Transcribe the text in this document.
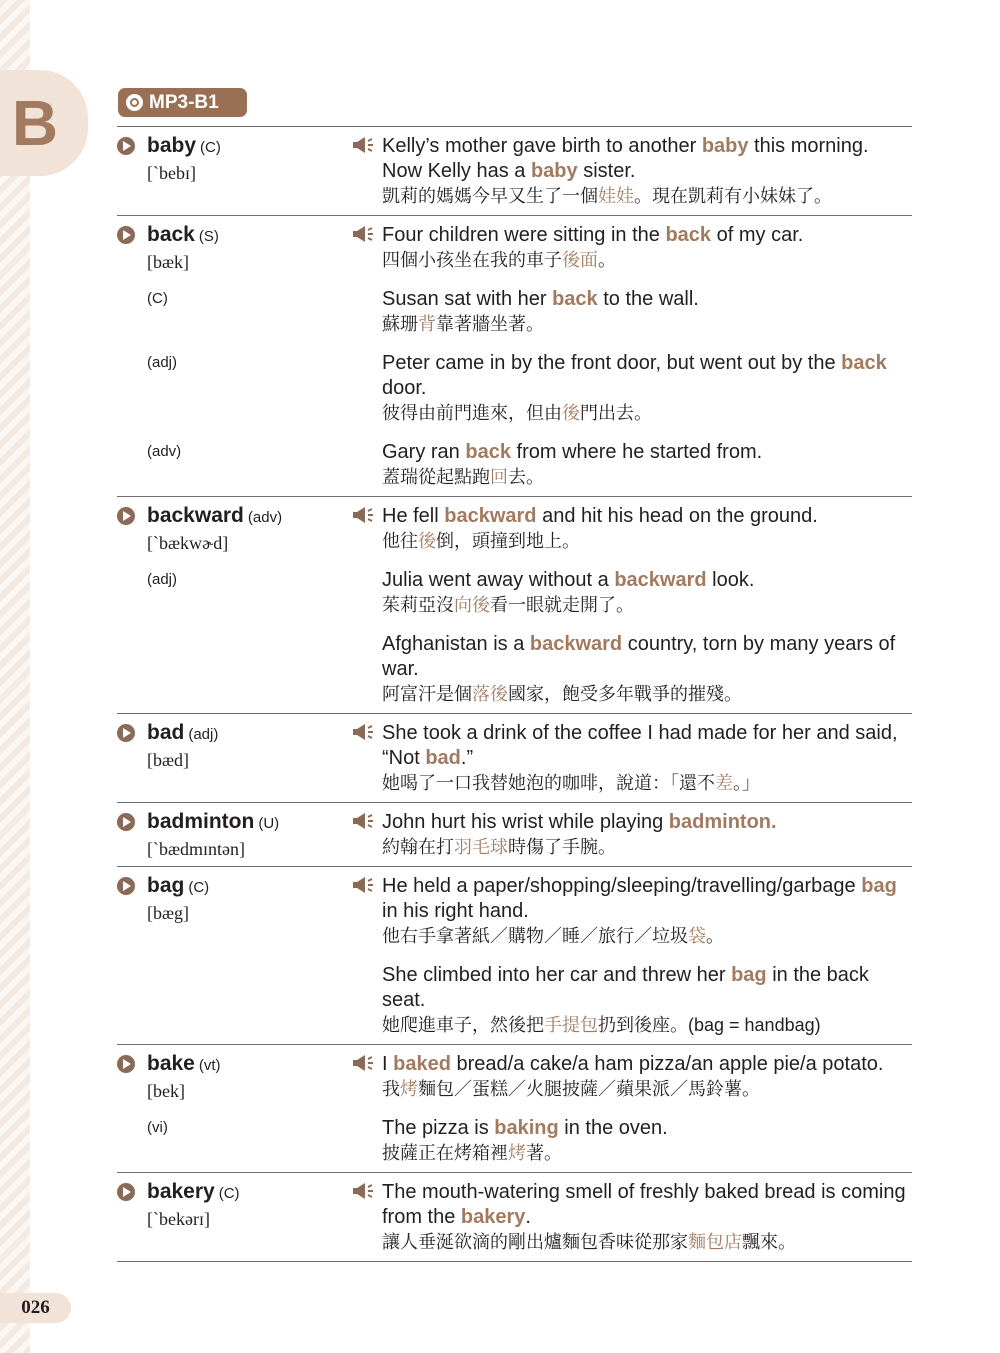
B	MP3-B1
baby (C)
[ˋbebɪ]
Kelly’s mother gave birth to another baby this morning. Now Kelly has a baby sister.
凱莉的媽媽今早又生了一個娃娃。現在凱莉有小妹妹了。
back (S)
[bæk]
Four children were sitting in the back of my car.
四個小孩坐在我的車子後面。
(C)	Susan sat with her back to the wall.
蘇珊背靠著牆坐著。
(adj)	Peter came in by the front door, but went out by the back door.
彼得由前門進來，但由後門出去。
(adv)	Gary ran back from where he started from.
蓋瑞從起點跑回去。
backward (adv)
[ˋbækwɚd]
He fell backward and hit his head on the ground.
他往後倒，頭撞到地上。
(adj)	Julia went away without a backward look.
茱莉亞沒向後看一眼就走開了。
Afghanistan is a backward country, torn by many years of war.
阿富汗是個落後國家，飽受多年戰爭的摧殘。
bad (adj)
[bæd]
She took a drink of the coffee I had made for her and said, “Not bad.”
她喝了一口我替她泡的咖啡，說道：「還不差。」
badminton (U)
[ˋbædmɪntən]
John hurt his wrist while playing badminton.
約翰在打羽毛球時傷了手腕。
bag (C)
[bæg]
He held a paper/shopping/sleeping/travelling/garbage bag in his right hand.
他右手拿著紙／購物／睡／旅行／垃圾袋。
She climbed into her car and threw her bag in the back seat.
她爬進車子，然後把手提包扔到後座。(bag = handbag)
bake (vt)
[bek]
I baked bread/a cake/a ham pizza/an apple pie/a potato.
我烤麵包／蛋糕／火腿披薩／蘋果派／馬鈴薯。
(vi)	The pizza is baking in the oven.
披薩正在烤箱裡烤著。
bakery (C)
[ˋbekərɪ]
The mouth-watering smell of freshly baked bread is coming from the bakery.
讓人垂涎欲滴的剛出爐麵包香味從那家麵包店飄來。
026
